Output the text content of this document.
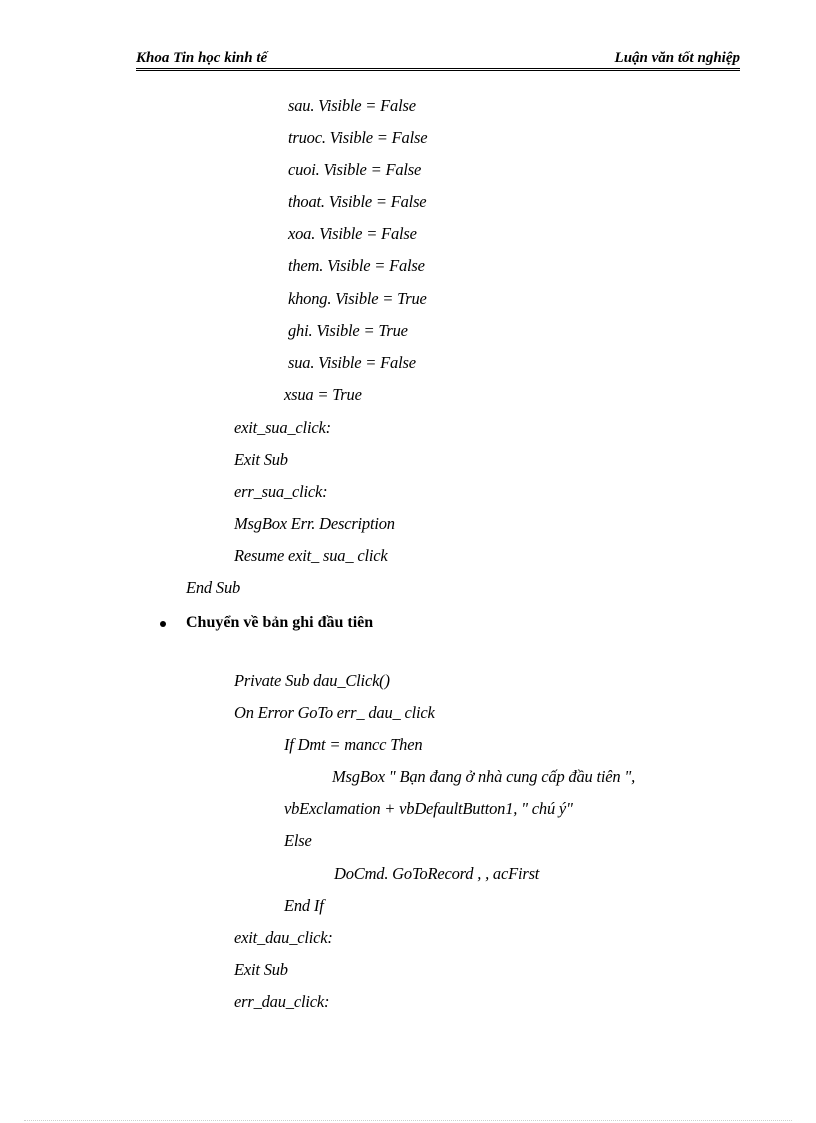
Khoa Tin học kinh tế	Luận văn tốt nghiệp
sau. Visible = False
truoc. Visible = False
cuoi. Visible = False
thoat. Visible = False
xoa. Visible = False
them. Visible = False
khong. Visible = True
ghi. Visible = True
sua. Visible = False
xsua = True
exit_sua_click:
Exit Sub
err_sua_click:
MsgBox Err. Description
Resume exit_ sua_ click
End Sub
Chuyển về bản ghi đầu tiên
Private Sub dau_Click()
On Error GoTo err_ dau_ click
If Dmt = mancc Then
MsgBox " Bạn đang ở nhà cung cấp đầu tiên ",
vbExclamation + vbDefaultButton1, " chú ý"
Else
DoCmd. GoToRecord , , acFirst
End If
exit_dau_click:
Exit Sub
err_dau_click:
